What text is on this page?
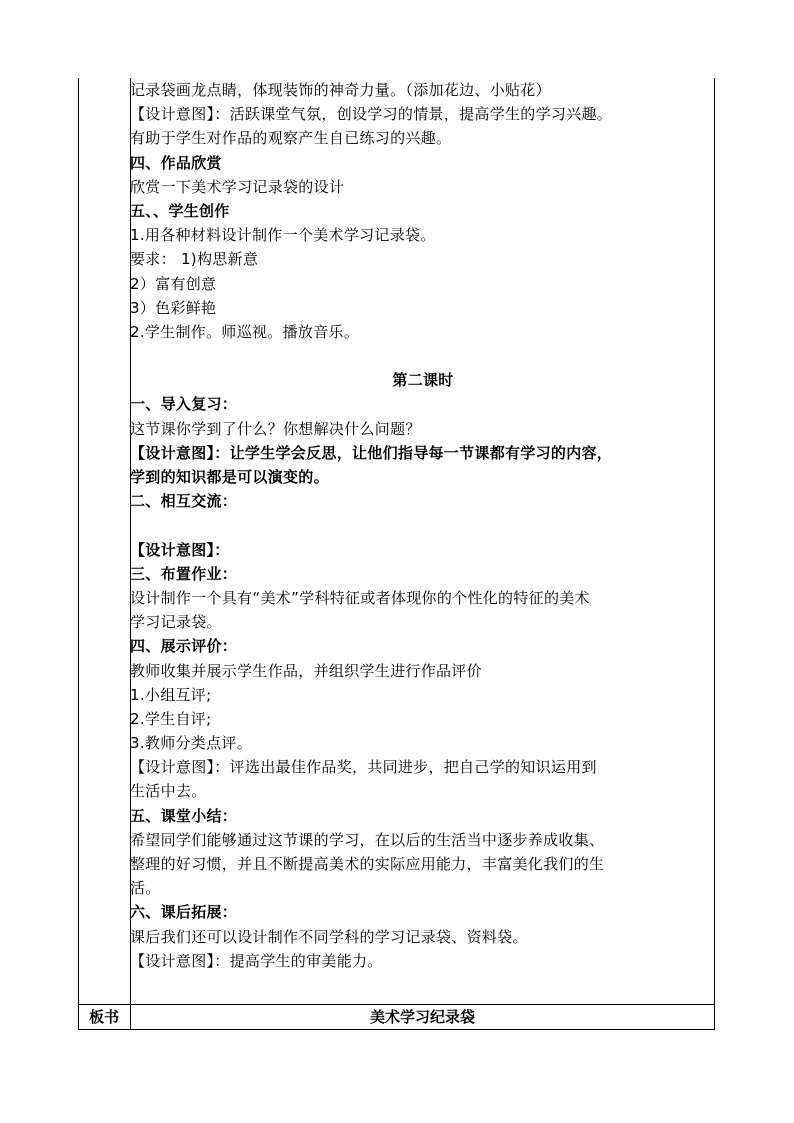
记录袋画龙点睛，体现装饰的神奇力量。（添加花边、小贴花）
【设计意图】：活跃课堂气氛，创设学习的情景，提高学生的学习兴趣。
有助于学生对作品的观察产生自已练习的兴趣。
四、作品欣赏
欣赏一下美术学习记录袋的设计
五、、学生创作
1.用各种材料设计制作一个美术学习记录袋。
要求： 1)构思新意
2）富有创意
3）色彩鲜艳
2.学生制作。师巡视。播放音乐。
第二课时
一、导入复习：
这节课你学到了什么？你想解决什么问题？
【设计意图】：让学生学会反思，让他们指导每一节课都有学习的内容，
学到的知识都是可以演变的。
二、相互交流：
【设计意图】：
三、布置作业：
设计制作一个具有“美术”学科特征或者体现你的个性化的特征的美术
学习记录袋。
四、展示评价：
教师收集并展示学生作品，并组织学生进行作品评价
1.小组互评;
2.学生自评;
3.教师分类点评。
【设计意图】：评选出最佳作品奖，共同进步，把自己学的知识运用到
生活中去。
五、课堂小结：
希望同学们能够通过这节课的学习，在以后的生活当中逐步养成收集、
整理的好习惯，并且不断提高美术的实际应用能力，丰富美化我们的生
活。
六、课后拓展：
课后我们还可以设计制作不同学科的学习记录袋、资料袋。
【设计意图】：提高学生的审美能力。
板书	美术学习纪录袋
